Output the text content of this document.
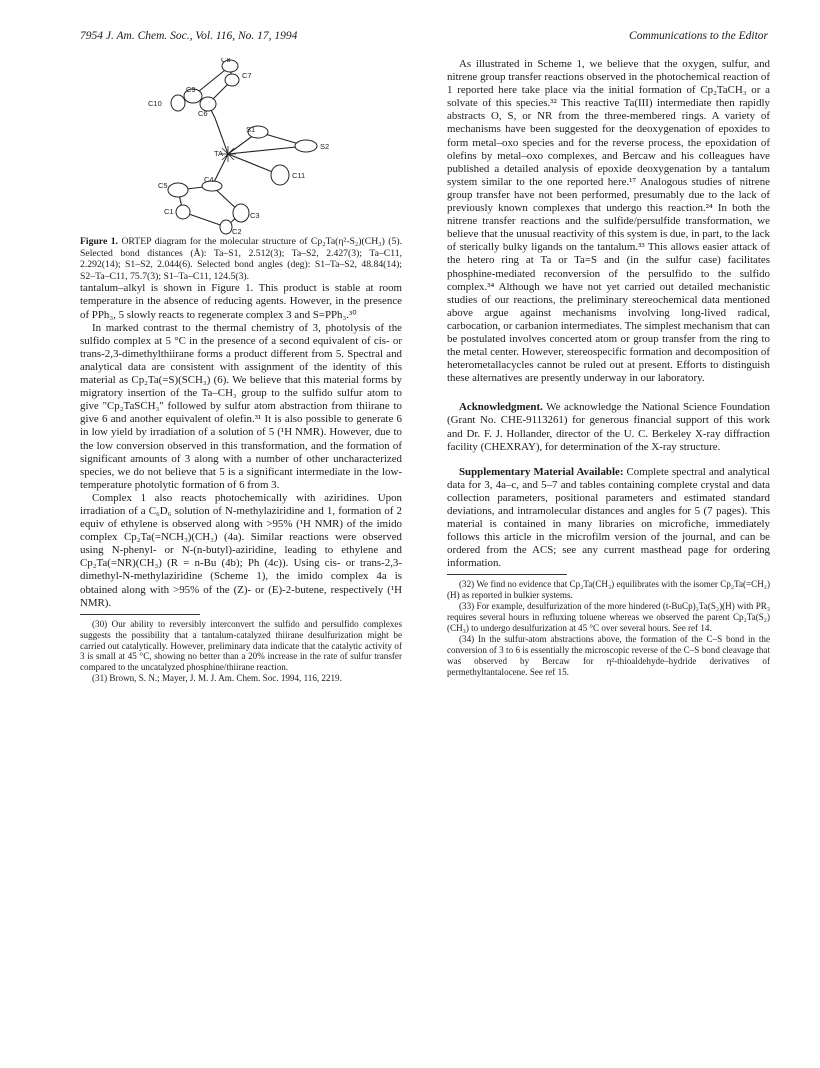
7954 J. Am. Chem. Soc., Vol. 116, No. 17, 1994	Communications to the Editor
C8
C7
C9
C10
C6
S1
TA
S2
C11
C5
C4
C1	C3
C2

Figure 1. ORTEP diagram for the molecular structure of Cp₂Ta(η²-S₂)(CH₃) (5). Selected bond distances (Å): Ta–S1, 2.512(3); Ta–S2, 2.427(3); Ta–C11, 2.292(14); S1–S2, 2.044(6). Selected bond angles (deg): S1–Ta–S2, 48.84(14); S2–Ta–C11, 75.7(3); S1–Ta–C11, 124.5(3).

tantalum–alkyl is shown in Figure 1. This product is stable at room temperature in the absence of reducing agents. However, in the presence of PPh₃, 5 slowly reacts to regenerate complex 3 and S=PPh₃.³⁰

In marked contrast to the thermal chemistry of 3, photolysis of the sulfido complex at 5 °C in the presence of a second equivalent of cis- or trans-2,3-dimethylthiirane forms a product different from 5. Spectral and analytical data are consistent with assignment of the identity of this material as Cp₂Ta(=S)(SCH₃) (6). We believe that this material forms by migratory insertion of the Ta–CH₃ group to the sulfido sulfur atom to give "Cp₂TaSCH₃" followed by sulfur atom abstraction from thiirane to give 6 and another equivalent of olefin.³¹ It is also possible to generate 6 in low yield by irradiation of a solution of 5 (¹H NMR). However, due to the low conversion observed in this transformation, and the formation of significant amounts of 3 along with a number of other uncharacterized species, we do not believe that 5 is a significant intermediate in the low-temperature photolytic formation of 6 from 3.

Complex 1 also reacts photochemically with aziridines. Upon irradiation of a C₆D₆ solution of N-methylaziridine and 1, formation of 2 equiv of ethylene is observed along with >95% (¹H NMR) of the imido complex Cp₂Ta(=NCH₃)(CH₃) (4a). Similar reactions were observed using N-phenyl- or N-(n-butyl)-aziridine, leading to ethylene and Cp₂Ta(=NR)(CH₃) (R = n-Bu (4b); Ph (4c)). Using cis- or trans-2,3-dimethyl-N-methylaziridine (Scheme 1), the imido complex 4a is obtained along with >95% of the (Z)- or (E)-2-butene, respectively (¹H NMR).

(30) Our ability to reversibly interconvert the sulfido and persulfido complexes suggests the possibility that a tantalum-catalyzed thiirane desulfurization might be carried out catalytically. However, preliminary data indicate that the catalytic activity of 3 is small at 45 °C, showing no better than a 20% increase in the rate of sulfur transfer compared to the uncatalyzed phosphine/thiirane reaction.

(31) Brown, S. N.; Mayer, J. M. J. Am. Chem. Soc. 1994, 116, 2219.

As illustrated in Scheme 1, we believe that the oxygen, sulfur, and nitrene group transfer reactions observed in the photochemical reaction of 1 reported here take place via the initial formation of Cp₂TaCH₃ or a solvate of this species.³² This reactive Ta(III) intermediate then rapidly abstracts O, S, or NR from the three-membered rings. A variety of mechanisms have been suggested for the deoxygenation of epoxides to form metal–oxo species and for the reverse process, the epoxidation of olefins by metal–oxo complexes, and Bercaw and his colleagues have published a detailed analysis of epoxide deoxygenation by a tantalum system similar to the one reported here.¹⁷ Analogous studies of nitrene group transfer have not been performed, presumably due to the lack of previously known complexes that undergo this reaction.²⁴ In both the nitrene transfer reactions and the sulfide/persulfide transformation, we believe that the unusual reactivity of this system is due, in part, to the lack of sterically bulky ligands on the tantalum.³³ This allows easier attack of the hetero ring at Ta or Ta=S and (in the sulfur case) facilitates phosphine-mediated reconversion of the persulfido to the sulfido complex.³⁴ Although we have not yet carried out detailed mechanistic studies of our reactions, the preliminary stereochemical data mentioned above argue against mechanisms involving long-lived radical, carbocation, or carbanion intermediates. The simplest mechanism that can be postulated involves concerted atom or group transfer from the ring to the metal center. However, stereospecific formation and decomposition of heterometallacycles cannot be ruled out at present. Efforts to distinguish these alternatives are presently underway in our laboratory.

Acknowledgment. We acknowledge the National Science Foundation (Grant No. CHE-9113261) for generous financial support of this work and Dr. F. J. Hollander, director of the U. C. Berkeley X-ray diffraction facility (CHEXRAY), for determination of the X-ray structure.

Supplementary Material Available: Complete spectral and analytical data for 3, 4a–c, and 5–7 and tables containing complete crystal and data collection parameters, positional parameters and estimated standard deviations, and intramolecular distances and angles for 5 (7 pages). This material is contained in many libraries on microfiche, immediately follows this article in the microfilm version of the journal, and can be ordered from the ACS; see any current masthead page for ordering information.

(32) We find no evidence that Cp₂Ta(CH₃) equilibrates with the isomer Cp₂Ta(=CH₂)(H) as reported in bulkier systems.

(33) For example, desulfurization of the more hindered (t-BuCp)₂Ta(S₂)(H) with PR₃ requires several hours in refluxing toluene whereas we observed the parent Cp₂Ta(S₂)(CH₃) to undergo desulfurization at 45 °C over several hours. See ref 14.

(34) In the sulfur-atom abstractions above, the formation of the C–S bond in the conversion of 3 to 6 is essentially the microscopic reverse of the C–S bond cleavage that was observed by Bercaw for η²-thioaldehyde–hydride derivatives of permethyltantalocene. See ref 15.
